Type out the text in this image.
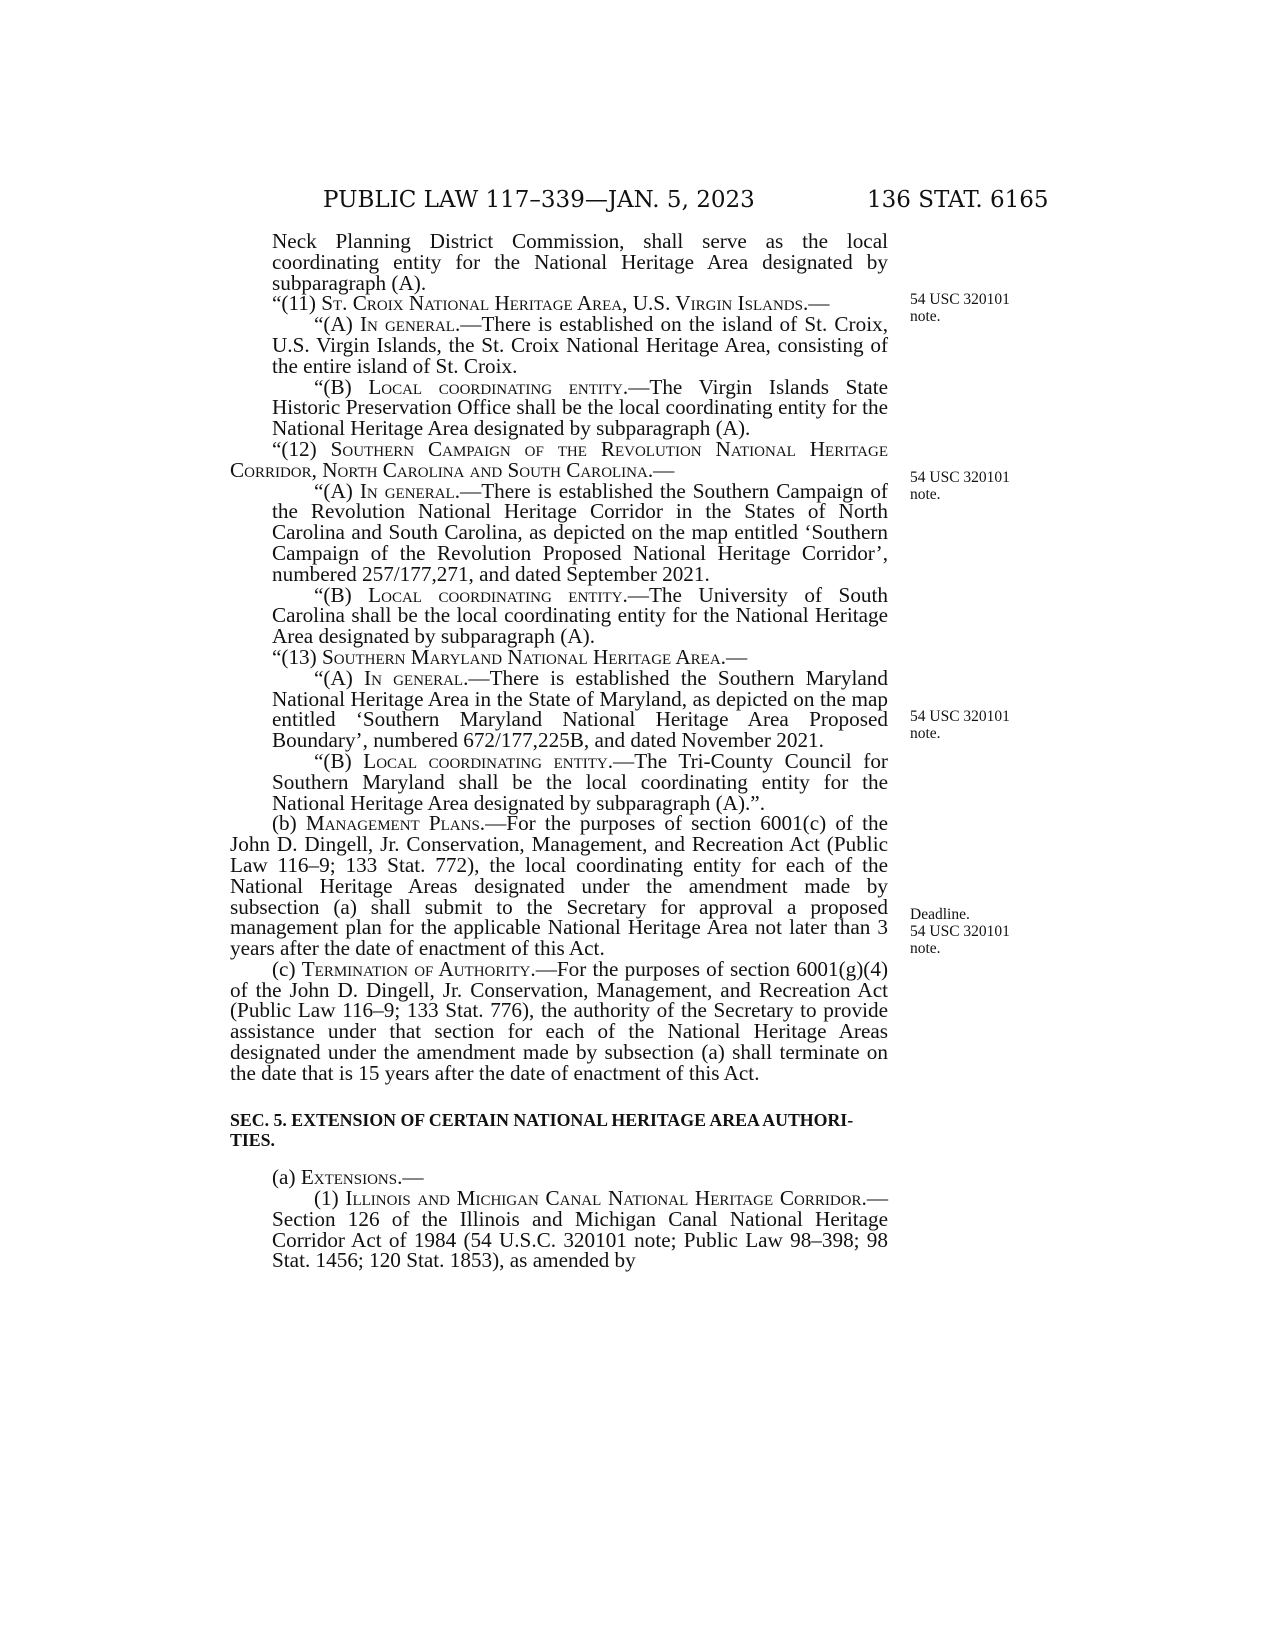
PUBLIC LAW 117–339—JAN. 5, 2023	136 STAT. 6165

Neck Planning District Commission, shall serve as the local coordinating entity for the National Heritage Area designated by subparagraph (A).

“(11) St. Croix National Heritage Area, U.S. Virgin Islands.—

“(A) In general.—There is established on the island of St. Croix, U.S. Virgin Islands, the St. Croix National Heritage Area, consisting of the entire island of St. Croix.

“(B) Local coordinating entity.—The Virgin Islands State Historic Preservation Office shall be the local coordinating entity for the National Heritage Area designated by subparagraph (A).

“(12) Southern Campaign of the Revolution National Heritage Corridor, North Carolina and South Carolina.—

“(A) In general.—There is established the Southern Campaign of the Revolution National Heritage Corridor in the States of North Carolina and South Carolina, as depicted on the map entitled ‘Southern Campaign of the Revolution Proposed National Heritage Corridor’, numbered 257/177,271, and dated September 2021.

“(B) Local coordinating entity.—The University of South Carolina shall be the local coordinating entity for the National Heritage Area designated by subparagraph (A).

“(13) Southern Maryland National Heritage Area.—

“(A) In general.—There is established the Southern Maryland National Heritage Area in the State of Maryland, as depicted on the map entitled ‘Southern Maryland National Heritage Area Proposed Boundary’, numbered 672/177,225B, and dated November 2021.

“(B) Local coordinating entity.—The Tri-County Council for Southern Maryland shall be the local coordinating entity for the National Heritage Area designated by subparagraph (A).”.

(b) Management Plans.—For the purposes of section 6001(c) of the John D. Dingell, Jr. Conservation, Management, and Recreation Act (Public Law 116–9; 133 Stat. 772), the local coordinating entity for each of the National Heritage Areas designated under the amendment made by subsection (a) shall submit to the Secretary for approval a proposed management plan for the applicable National Heritage Area not later than 3 years after the date of enactment of this Act.

(c) Termination of Authority.—For the purposes of section 6001(g)(4) of the John D. Dingell, Jr. Conservation, Management, and Recreation Act (Public Law 116–9; 133 Stat. 776), the authority of the Secretary to provide assistance under that section for each of the National Heritage Areas designated under the amendment made by subsection (a) shall terminate on the date that is 15 years after the date of enactment of this Act.

SEC. 5. EXTENSION OF CERTAIN NATIONAL HERITAGE AREA AUTHORI-
TIES.

(a) Extensions.—

(1) Illinois and Michigan Canal National Heritage Corridor.—Section 126 of the Illinois and Michigan Canal National Heritage Corridor Act of 1984 (54 U.S.C. 320101 note; Public Law 98–398; 98 Stat. 1456; 120 Stat. 1853), as amended by

54 USC 320101
note.
54 USC 320101
note.
54 USC 320101
note.
Deadline.
54 USC 320101
note.
